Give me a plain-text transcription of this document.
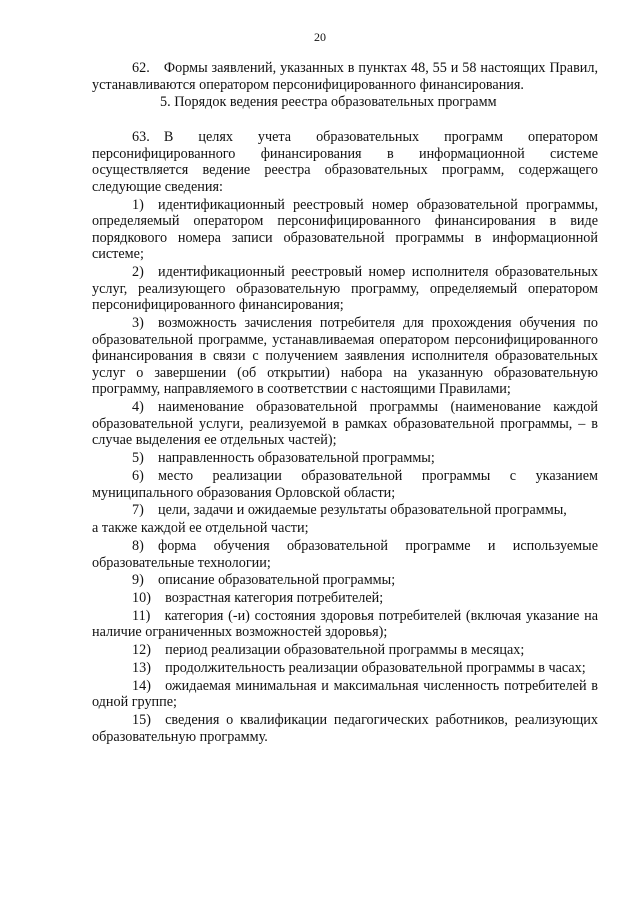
20

62. Формы заявлений, указанных в пунктах 48, 55 и 58 настоящих Правил, устанавливаются оператором персонифицированного финансирования.

5. Порядок ведения реестра образовательных программ

63. В целях учета образовательных программ оператором персонифицированного финансирования в информационной системе осуществляется ведение реестра образовательных программ, содержащего следующие сведения:

1) идентификационный реестровый номер образовательной программы, определяемый оператором персонифицированного финансирования в виде порядкового номера записи образовательной программы в информационной системе;

2) идентификационный реестровый номер исполнителя образовательных услуг, реализующего образовательную программу, определяемый оператором персонифицированного финансирования;

3) возможность зачисления потребителя для прохождения обучения по образовательной программе, устанавливаемая оператором персонифицированного финансирования в связи с получением заявления исполнителя образовательных услуг о завершении (об открытии) набора на указанную образовательную программу, направляемого в соответствии с настоящими Правилами;

4) наименование образовательной программы (наименование каждой образовательной услуги, реализуемой в рамках образовательной программы, – в случае выделения ее отдельных частей);

5) направленность образовательной программы;

6) место реализации образовательной программы с указанием муниципального образования Орловской области;

7) цели, задачи и ожидаемые результаты образовательной программы,

а также каждой ее отдельной части;

8) форма обучения образовательной программе и используемые образовательные технологии;

9) описание образовательной программы;

10) возрастная категория потребителей;

11) категория (-и) состояния здоровья потребителей (включая указание на наличие ограниченных возможностей здоровья);

12) период реализации образовательной программы в месяцах;

13) продолжительность реализации образовательной программы в часах;

14) ожидаемая минимальная и максимальная численность потребителей в одной группе;

15) сведения о квалификации педагогических работников, реализующих образовательную программу.
